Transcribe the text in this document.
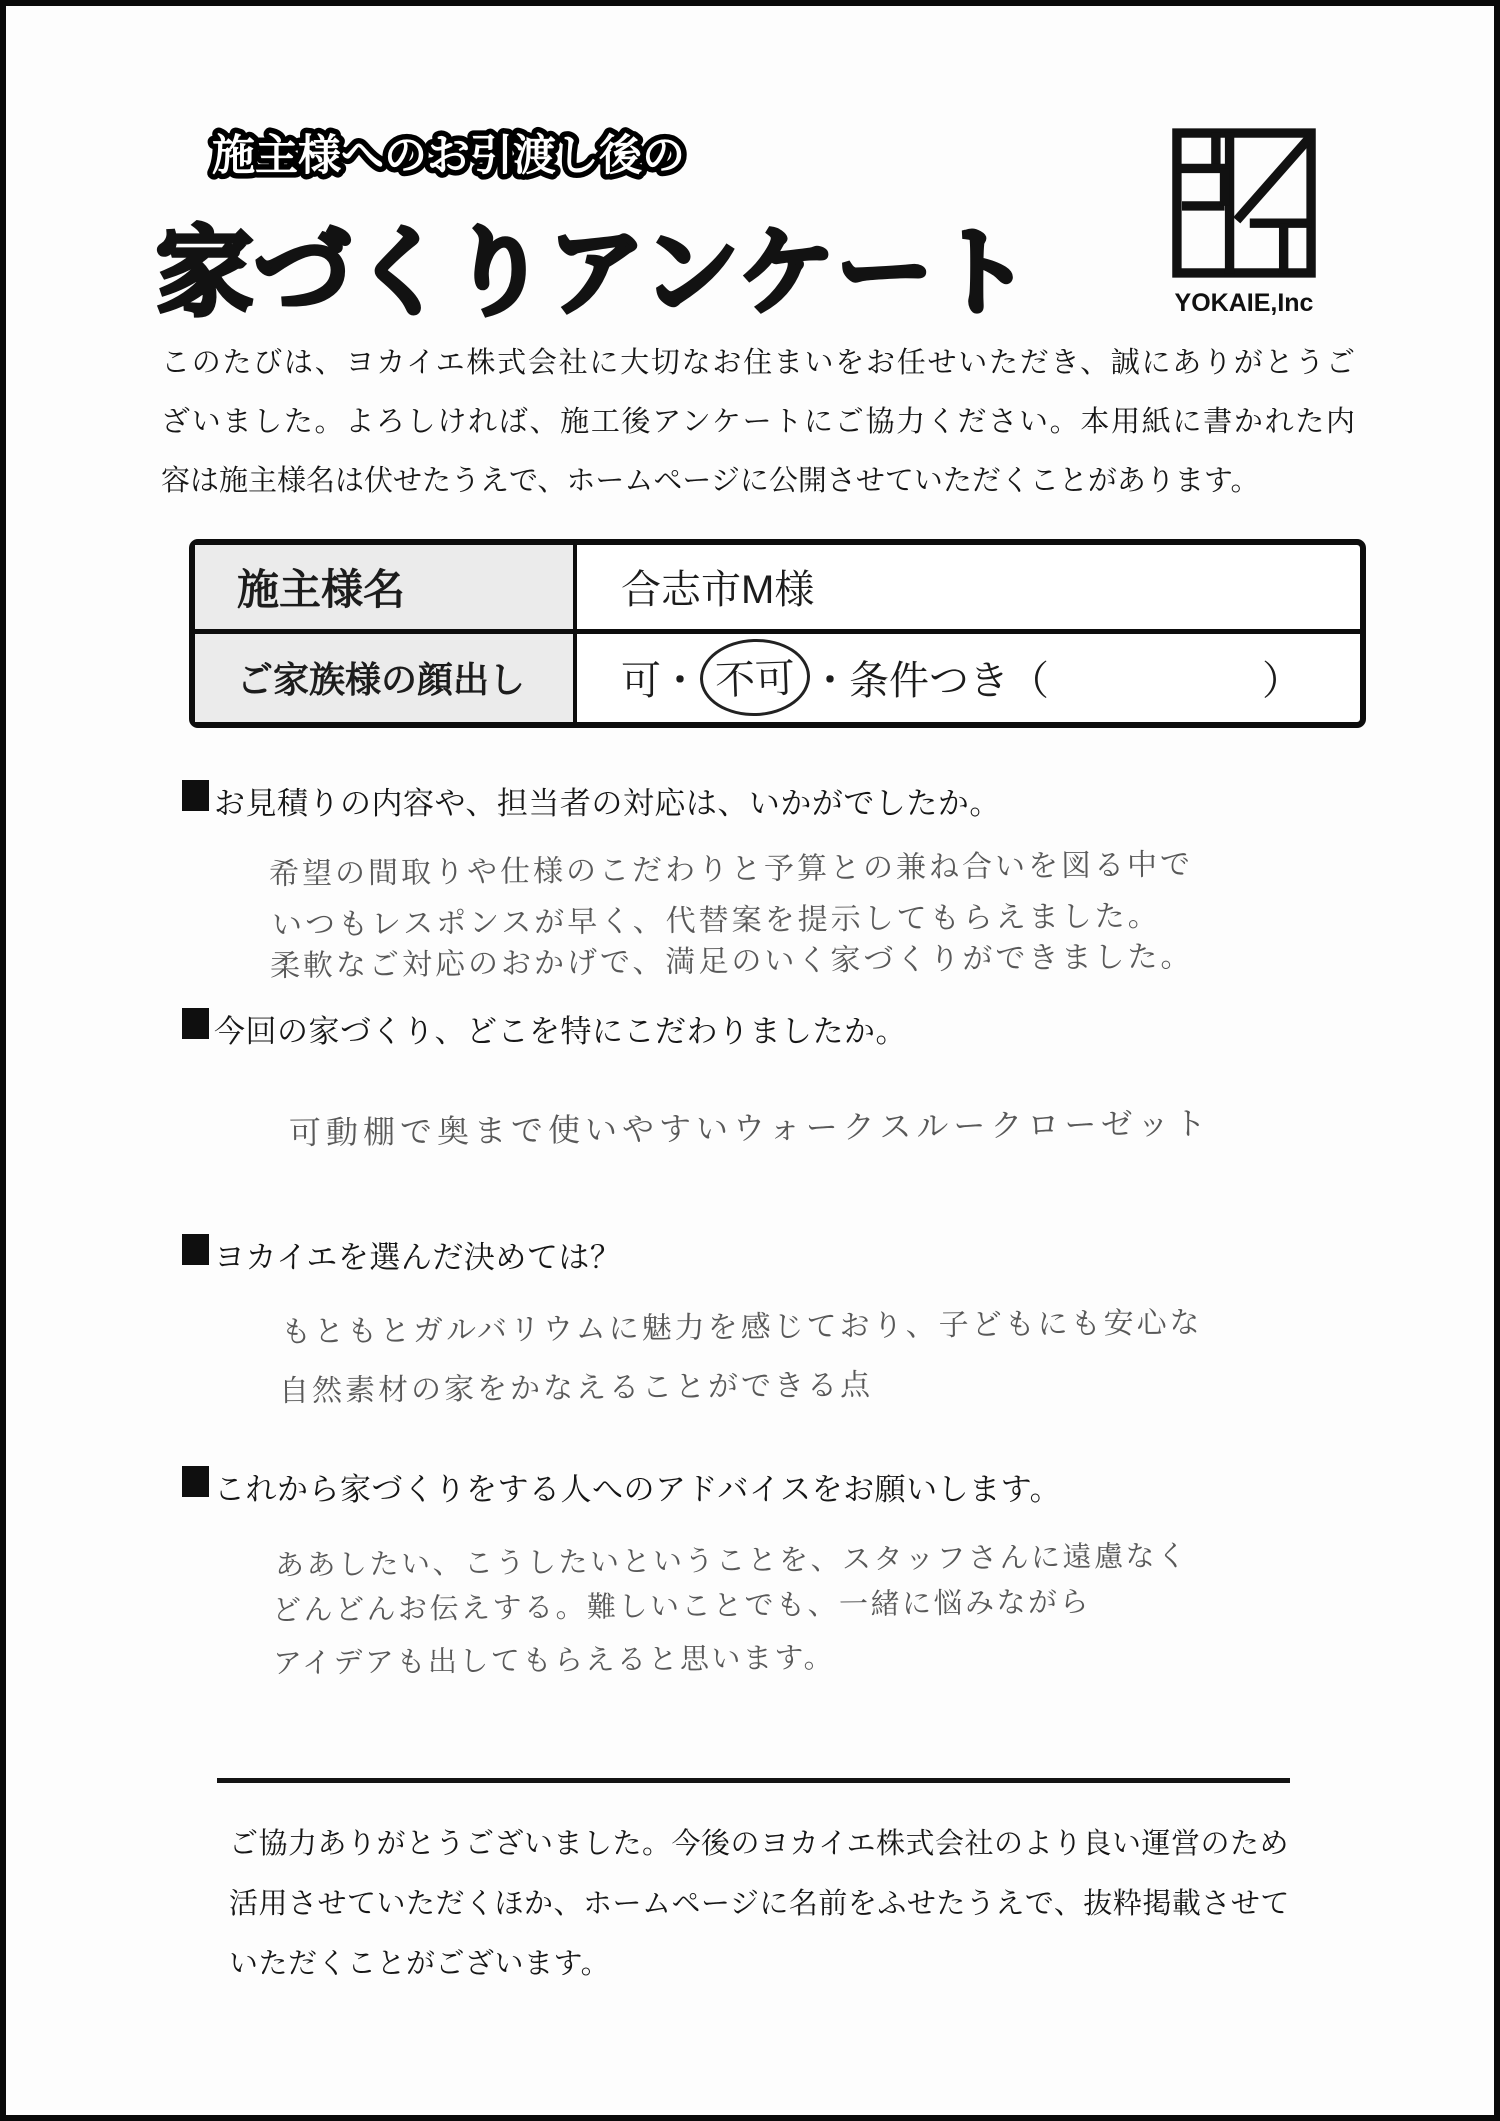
施主様へのお引渡し後の
家づくりアンケート	YOKAIE,Inc
このたびは、ヨカイエ株式会社に大切なお住まいをお任せいただき、誠にありがとうご
ざいました。よろしければ、施工後アンケートにご協力ください。本用紙に書かれた内
容は施主様名は伏せたうえで、ホームページに公開させていただくことがあります。
施主様名	合志市M様
ご家族様の顔出し	可 ・ 不可 ・ 条件つき （	）
お見積りの内容や、担当者の対応は、いかがでしたか。
希望の間取りや仕様のこだわりと予算との兼ね合いを図る中で
いつもレスポンスが早く、代替案を提示してもらえました。
柔軟なご対応のおかげで、満足のいく家づくりができました。
今回の家づくり、どこを特にこだわりましたか。
可動棚で奥まで使いやすいウォークスルークローゼット
ヨカイエを選んだ決めては？
もともとガルバリウムに魅力を感じており、子どもにも安心な
自然素材の家をかなえることができる点
これから家づくりをする人へのアドバイスをお願いします。
ああしたい、こうしたいということを、スタッフさんに遠慮なく
どんどんお伝えする。難しいことでも、一緒に悩みながら
アイデアも出してもらえると思います。
ご協力ありがとうございました。今後のヨカイエ株式会社のより良い運営のため
活用させていただくほか、ホームページに名前をふせたうえで、抜粋掲載させて
いただくことがございます。
